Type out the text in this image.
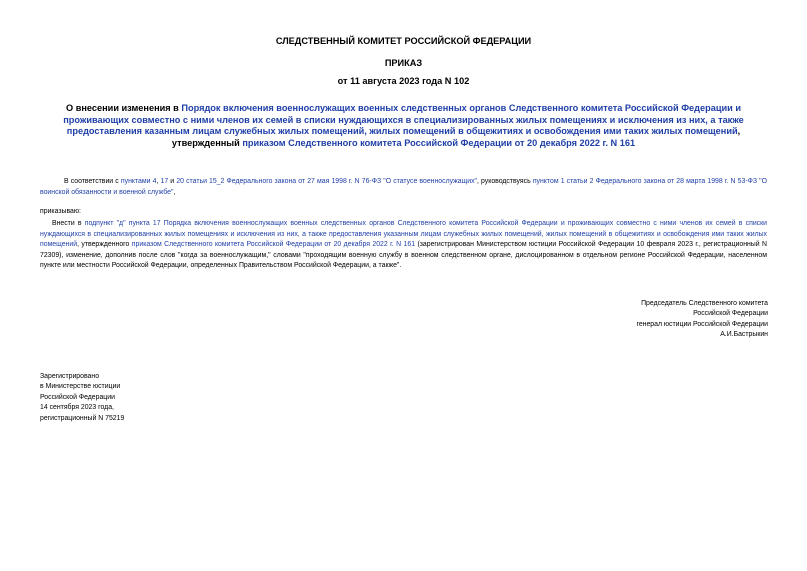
СЛЕДСТВЕННЫЙ КОМИТЕТ РОССИЙСКОЙ ФЕДЕРАЦИИ
ПРИКАЗ
от 11 августа 2023 года N 102
О внесении изменения в Порядок включения военнослужащих военных следственных органов Следственного комитета Российской Федерации и проживающих совместно с ними членов их семей в списки нуждающихся в специализированных жилых помещениях и исключения из них, а также предоставления казанным лицам служебных жилых помещений, жилых помещений в общежитиях и освобождения ими таких жилых помещений, утвержденный приказом Следственного комитета Российской Федерации от 20 декабря 2022 г. N 161
В соответствии с пунктами 4, 17 и 20 статьи 15_2 Федерального закона от 27 мая 1998 г. N 76-ФЗ "О статусе военнослужащих", руководствуясь пунктом 1 статьи 2 Федерального закона от 28 марта 1998 г. N 53-ФЗ "О воинской обязанности и военной службе",
приказываю:
Внести в подпункт "д" пункта 17 Порядка включения военнослужащих военных следственных органов Следственного комитета Российской Федерации и проживающих совместно с ними членов их семей в списки нуждающихся в специализированных жилых помещениях и исключения из них, а также предоставления указанным лицам служебных жилых помещений, жилых помещений в общежитиях и освобождения ими таких жилых помещений, утвержденного приказом Следственного комитета Российской Федерации от 20 декабря 2022 г. N 161 (зарегистрирован Министерством юстиции Российской Федерации 10 февраля 2023 г., регистрационный N 72309), изменение, дополнив после слов "когда за военнослужащим," словами "проходящим военную службу в военном следственном органе, дислоцированном в отдельном регионе Российской Федерации, населенном пункте или местности Российской Федерации, определенных Правительством Российской Федерации, а также".
Председатель Следственного комитета
Российской Федерации
генерал юстиции Российской Федерации
А.И.Бастрыкин
Зарегистрировано
в Министерстве юстиции
Российской Федерации
14 сентября 2023 года,
регистрационный N 75219
